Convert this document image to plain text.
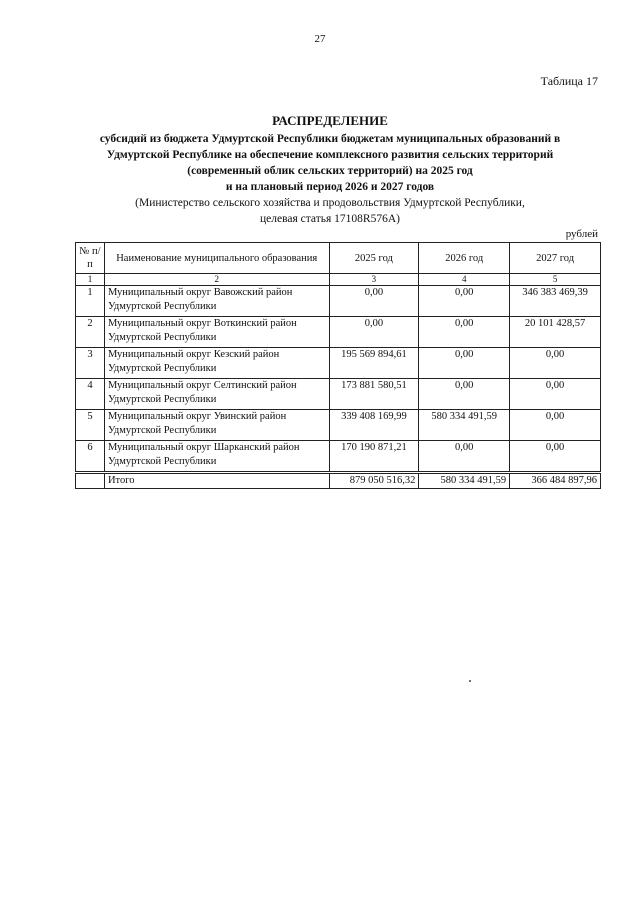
27
Таблица 17

РАСПРЕДЕЛЕНИЕ

субсидий из бюджета Удмуртской Республики бюджетам муниципальных образований в
Удмуртской Республике на обеспечение комплексного развития сельских территорий
(современный облик сельских территорий) на 2025 год
и на плановый период 2026 и 2027 годов

(Министерство сельского хозяйства и продовольствия Удмуртской Республики,
целевая статья 17108R576A)

рублей
№ п/п	Наименование муниципального образования	2025 год	2026 год	2027 год
1	2	3	4	5
1	Муниципальный округ Вавожский район Удмуртской Республики	0,00	0,00	346 383 469,39
2	Муниципальный округ Воткинский район Удмуртской Республики	0,00	0,00	20 101 428,57
3	Муниципальный округ Кезский район Удмуртской Республики	195 569 894,61	0,00	0,00
4	Муниципальный округ Селтинский район Удмуртской Республики	173 881 580,51	0,00	0,00
5	Муниципальный округ Увинский район Удмуртской Республики	339 408 169,99	580 334 491,59	0,00
6	Муниципальный округ Шарканский район Удмуртской Республики	170 190 871,21	0,00	0,00
	Итого	879 050 516,32	580 334 491,59	366 484 897,96
